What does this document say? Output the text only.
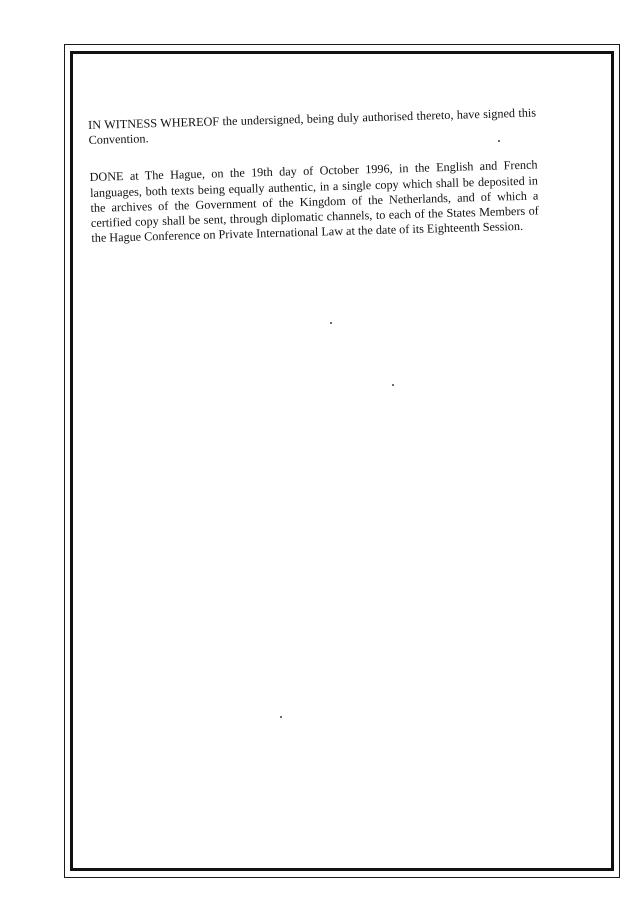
IN WITNESS WHEREOF the undersigned, being duly authorised thereto, have signed this Convention.

DONE at The Hague, on the 19th day of October 1996, in the English and French languages, both texts being equally authentic, in a single copy which shall be deposited in the archives of the Government of the Kingdom of the Netherlands, and of which a certified copy shall be sent, through diplomatic channels, to each of the States Members of the Hague Conference on Private International Law at the date of its Eighteenth Session.
